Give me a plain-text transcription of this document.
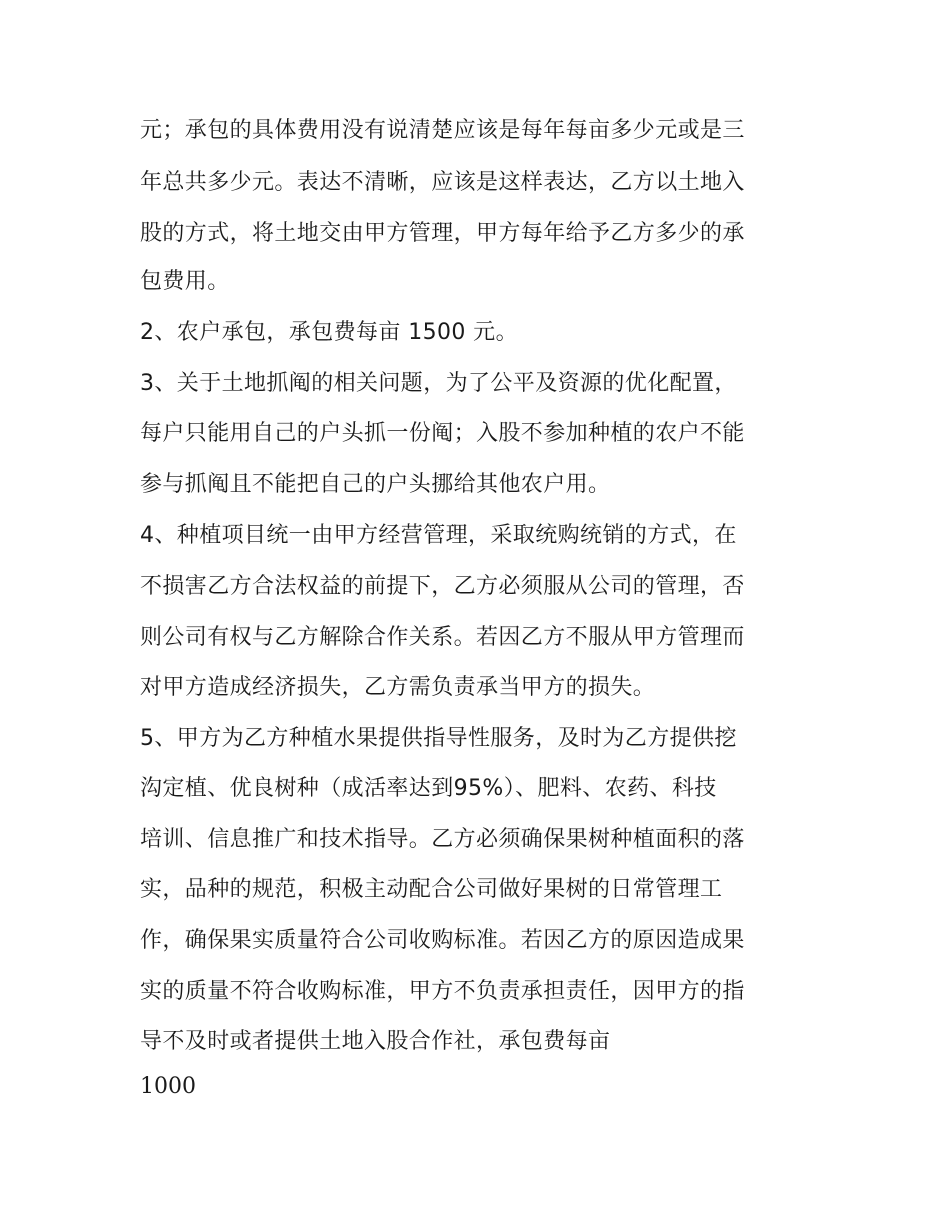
元；承包的具体费用没有说清楚应该是每年每亩多少元或是三
年总共多少元。表达不清晰，应该是这样表达，乙方以土地入
股的方式，将土地交由甲方管理，甲方每年给予乙方多少的承
包费用。
2、农户承包，承包费每亩 1500 元。
3、关于土地抓阄的相关问题，为了公平及资源的优化配置，
每户只能用自己的户头抓一份阄；入股不参加种植的农户不能
参与抓阄且不能把自己的户头挪给其他农户用。
4、种植项目统一由甲方经营管理，采取统购统销的方式，在
不损害乙方合法权益的前提下，乙方必须服从公司的管理，否
则公司有权与乙方解除合作关系。若因乙方不服从甲方管理而
对甲方造成经济损失，乙方需负责承当甲方的损失。
5、甲方为乙方种植水果提供指导性服务，及时为乙方提供挖
沟定植、优良树种（成活率达到95%）、肥料、农药、科技
培训、信息推广和技术指导。乙方必须确保果树种植面积的落
实，品种的规范，积极主动配合公司做好果树的日常管理工
作，确保果实质量符合公司收购标准。若因乙方的原因造成果
实的质量不符合收购标准，甲方不负责承担责任，因甲方的指
导不及时或者提供土地入股合作社，承包费每亩
1000
